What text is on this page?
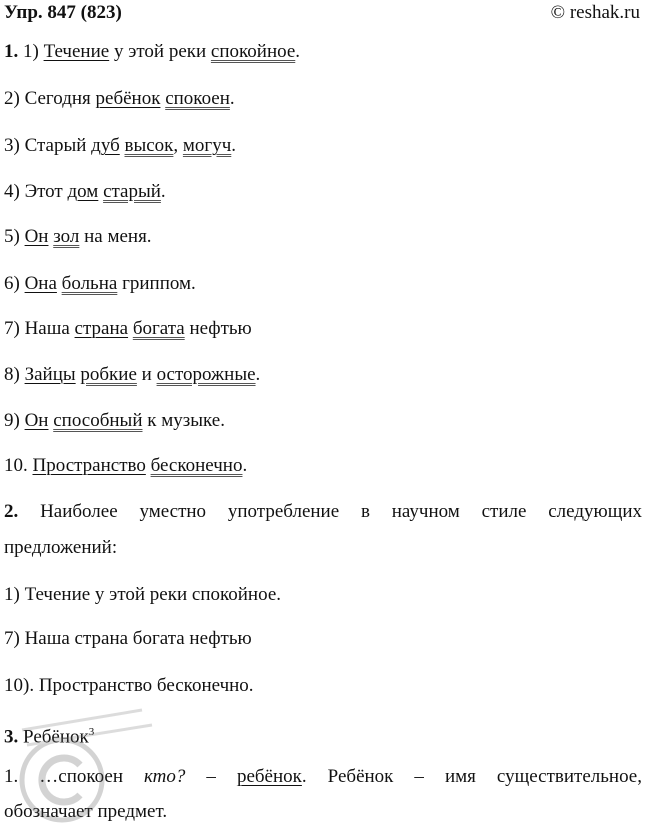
Упр. 847 (823)	© reshak.ru
1. 1) Течение у этой реки спокойное.
2) Сегодня ребёнок спокоен.
3) Старый дуб высок, могуч.
4) Этот дом старый.
5) Он зол на меня.
6) Она больна гриппом.
7) Наша страна богата нефтью
8) Зайцы робкие и осторожные.
9) Он способный к музыке.
10. Пространство бесконечно.
2. Наиболее уместно употребление в научном стиле следующих
предложений:
1) Течение у этой реки спокойное.
7) Наша страна богата нефтью
10). Пространство бесконечно.
3. Ребёнок$^3$
1. …спокоен кто? – ребёнок. Ребёнок – имя существительное,
обозначает предмет.
